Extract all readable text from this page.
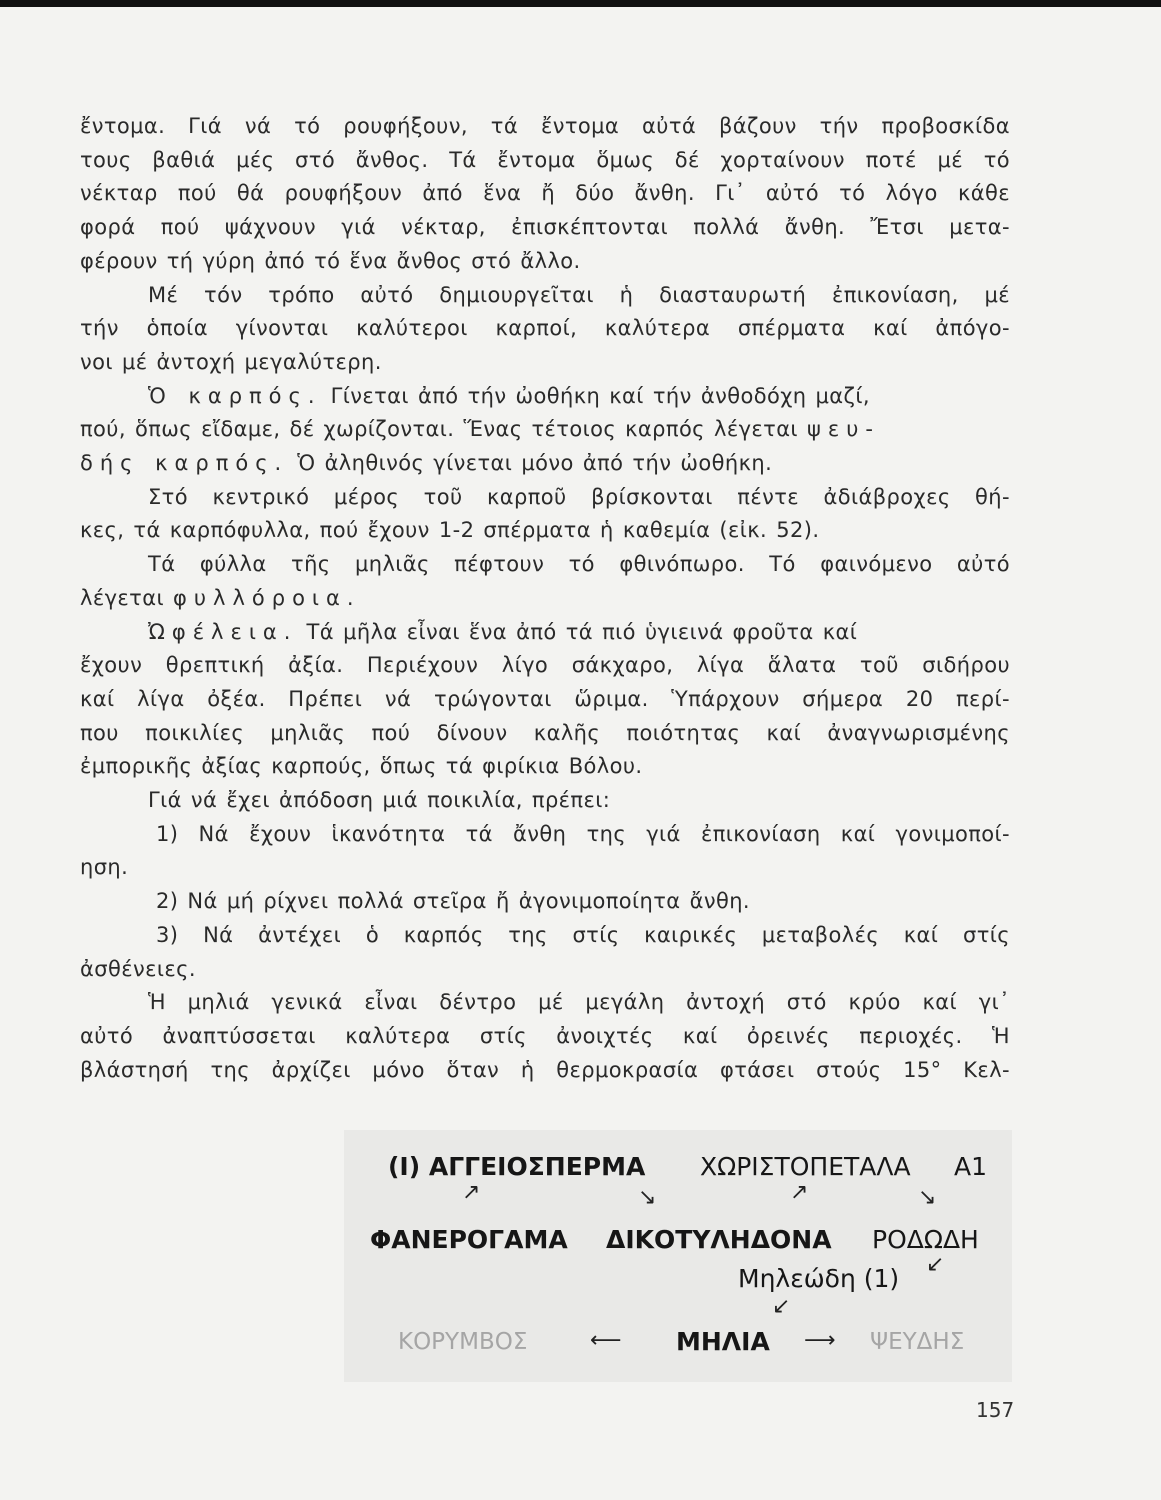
ἔντομα. Γιά νά τό ρουφήξουν, τά ἔντομα αὐτά βάζουν τήν προβοσκίδα
τους βαθιά μές στό ἄνθος. Τά ἔντομα ὅμως δέ χορταίνουν ποτέ μέ τό
νέκταρ πού θά ρουφήξουν ἀπό ἕνα ἤ δύο ἄνθη. Γι᾽ αὐτό τό λόγο κάθε
φορά πού ψάχνουν γιά νέκταρ, ἐπισκέπτονται πολλά ἄνθη. Ἔτσι μετα-
φέρουν τή γύρη ἀπό τό ἕνα ἄνθος στό ἄλλο.
Μέ τόν τρόπο αὐτό δημιουργεῖται ἡ διασταυρωτή ἐπικονίαση, μέ
τήν ὁποία γίνονται καλύτεροι καρποί, καλύτερα σπέρματα καί ἀπόγο-
νοι μέ ἀντοχή μεγαλύτερη.
Ὁ καρπός. Γίνεται ἀπό τήν ὠοθήκη καί τήν ἀνθοδόχη μαζί,
πού, ὅπως εἴδαμε, δέ χωρίζονται. Ἕνας τέτοιος καρπός λέγεται ψευ-
δής καρπός. Ὁ ἀληθινός γίνεται μόνο ἀπό τήν ὠοθήκη.
Στό κεντρικό μέρος τοῦ καρποῦ βρίσκονται πέντε ἀδιάβροχες θή-
κες, τά καρπόφυλλα, πού ἔχουν 1-2 σπέρματα ἡ καθεμία (εἰκ. 52).
Τά φύλλα τῆς μηλιᾶς πέφτουν τό φθινόπωρο. Τό φαινόμενο αὐτό
λέγεται φυλλόροια.
Ὠφέλεια. Τά μῆλα εἶναι ἕνα ἀπό τά πιό ὑγιεινά φροῦτα καί
ἔχουν θρεπτική ἀξία. Περιέχουν λίγο σάκχαρο, λίγα ἅλατα τοῦ σιδήρου
καί λίγα ὀξέα. Πρέπει νά τρώγονται ὥριμα. Ὑπάρχουν σήμερα 20 περί-
που ποικιλίες μηλιᾶς πού δίνουν καλῆς ποιότητας καί ἀναγνωρισμένης
ἐμπορικῆς ἀξίας καρπούς, ὅπως τά φιρίκια Βόλου.
Γιά νά ἔχει ἀπόδοση μιά ποικιλία, πρέπει:
1) Νά ἔχουν ἱκανότητα τά ἄνθη της γιά ἐπικονίαση καί γονιμοποί-
ηση.
2) Νά μή ρίχνει πολλά στεῖρα ἤ ἀγονιμοποίητα ἄνθη.
3) Νά ἀντέχει ὁ καρπός της στίς καιρικές μεταβολές καί στίς
ἀσθένειες.
Ἡ μηλιά γενικά εἶναι δέντρο μέ μεγάλη ἀντοχή στό κρύο καί γι᾽
αὐτό ἀναπτύσσεται καλύτερα στίς ἀνοιχτές καί ὀρεινές περιοχές. Ἡ
βλάστησή της ἀρχίζει μόνο ὅταν ἡ θερμοκρασία φτάσει στούς 15° Κελ-
(I) ΑΓΓΕΙΟΣΠΕΡΜΑ ΧΩΡΙΣΤΟΠΕΤΑΛΑ Α1
↗	↘	↗	↘
ΦΑΝΕΡΟΓΑΜΑ ΔΙΚΟΤΥΛΗΔΟΝΑ ΡΟΔΩΔΗ
↙
Μηλεώδη (1)
↙
ΚΟΡΥΜΒΟΣ	⟵ ΜΗΛΙΑ ⟶ ΨΕΥΔΗΣ
157
